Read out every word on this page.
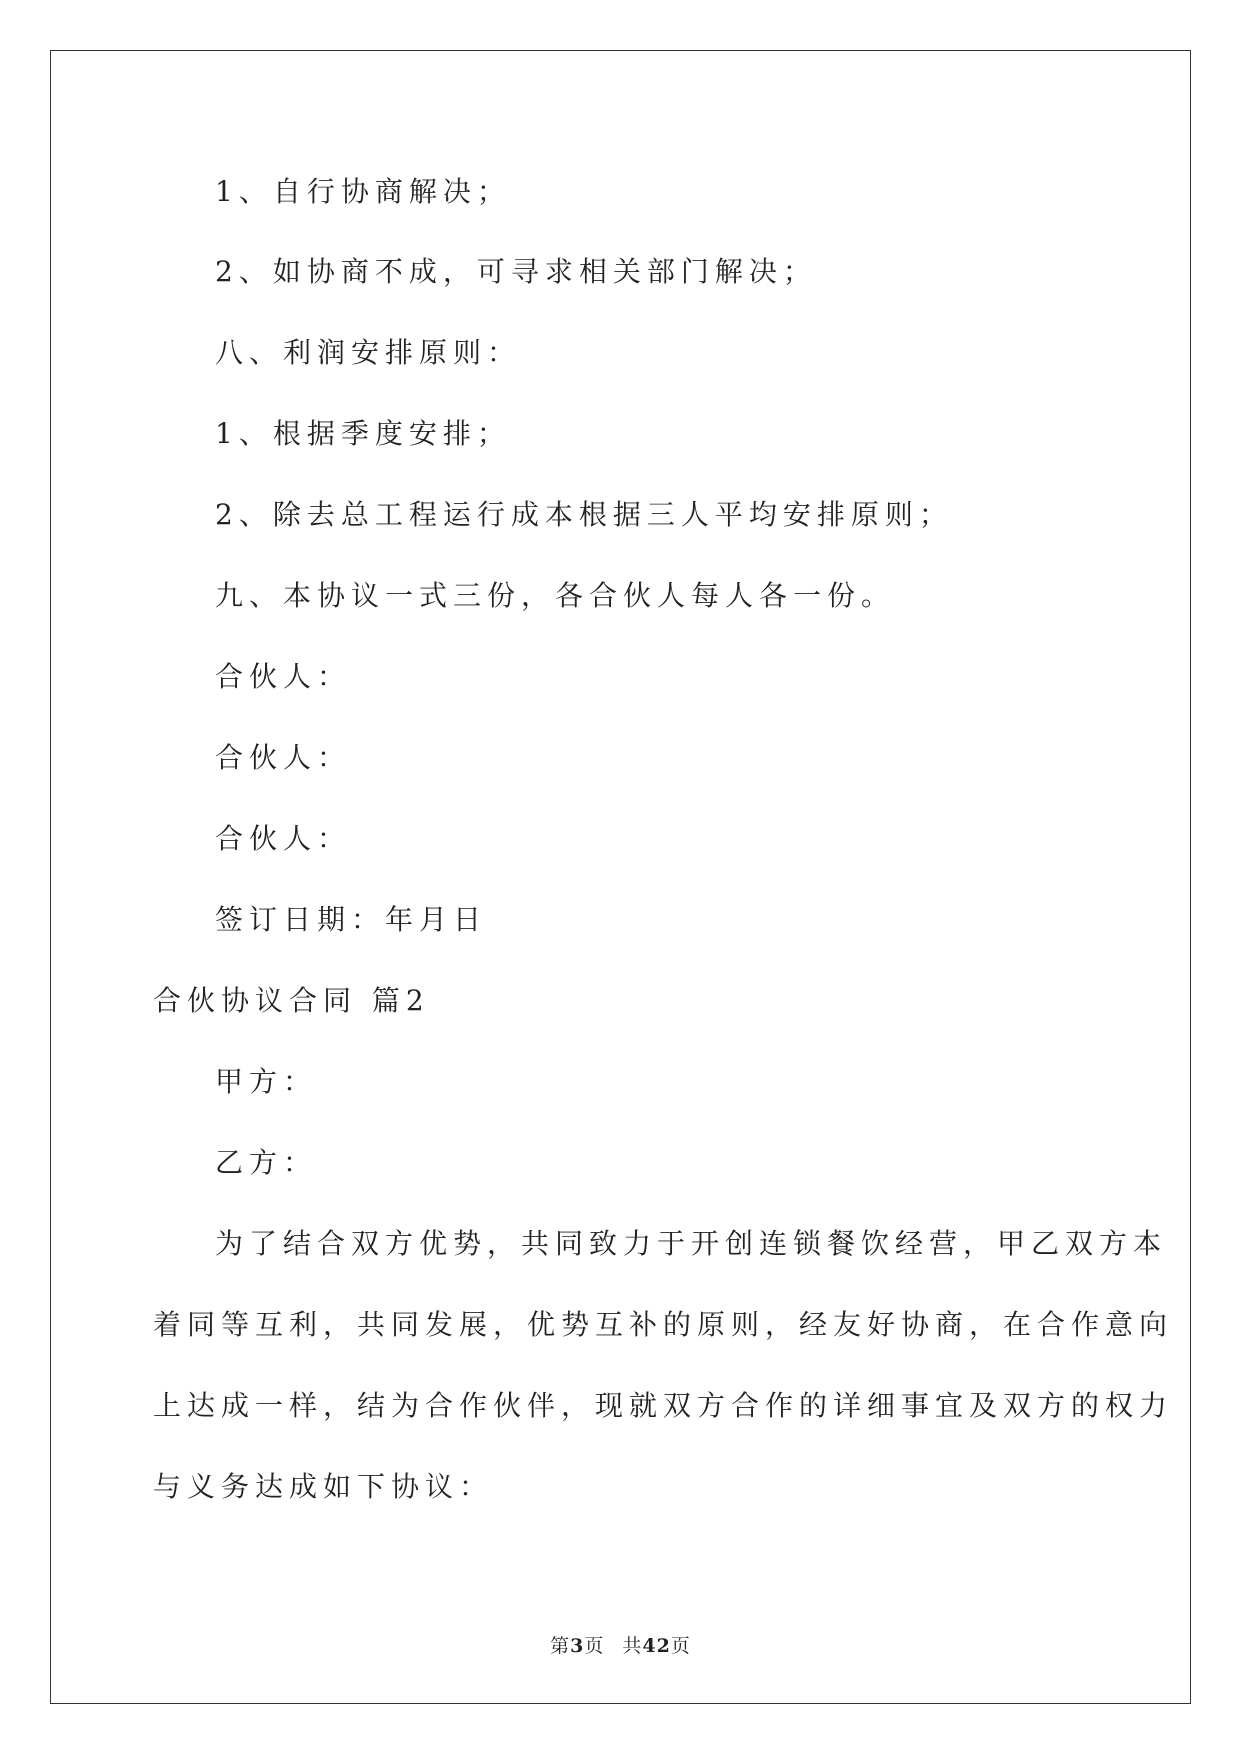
1、自行协商解决；
2、如协商不成，可寻求相关部门解决；
八、利润安排原则：
1、根据季度安排；
2、除去总工程运行成本根据三人平均安排原则；
九、本协议一式三份，各合伙人每人各一份。
合伙人：
合伙人：
合伙人：
签订日期：年月日
合伙协议合同 篇2
甲方：
乙方：
为了结合双方优势，共同致力于开创连锁餐饮经营，甲乙双方本
着同等互利，共同发展，优势互补的原则，经友好协商，在合作意向
上达成一样，结为合作伙伴，现就双方合作的详细事宜及双方的权力
与义务达成如下协议：
第3页 共42页
